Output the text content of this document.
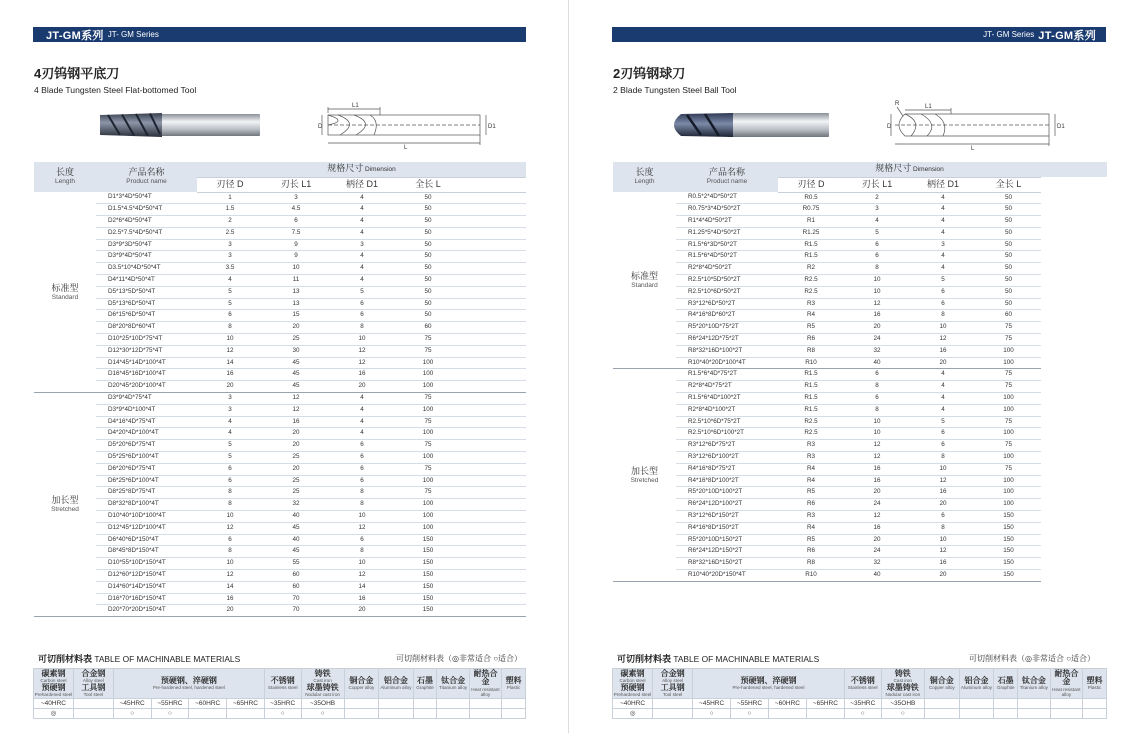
JT-GM系列 JT- GM Series
4刃钨钢平底刀
4 Blade Tungsten Steel Flat-bottomed Tool
L1
D	D1
L
长度
Length	产品名称
Product name	规格尺寸 Dimension				
		刃径 D	刃长 L1	柄径 D1	全长 L	

标准型
Standard	D1*3*4D*50*4T	1	3	4	50	
	D1.5*4.5*4D*50*4T	1.5	4.5	4	50	
	D2*6*4D*50*4T	2	6	4	50	
	D2.5*7.5*4D*50*4T	2.5	7.5	4	50	
	D3*9*3D*50*4T	3	9	3	50	
	D3*9*4D*50*4T	3	9	4	50	
	D3.5*10*4D*50*4T	3.5	10	4	50	
	D4*11*4D*50*4T	4	11	4	50	
	D5*13*5D*50*4T	5	13	5	50	
	D5*13*6D*50*4T	5	13	6	50	
	D6*15*6D*50*4T	6	15	6	50	
	D8*20*8D*60*4T	8	20	8	60	
	D10*25*10D*75*4T	10	25	10	75	
	D12*30*12D*75*4T	12	30	12	75	
	D14*45*14D*100*4T	14	45	12	100	
	D16*45*16D*100*4T	16	45	16	100	
	D20*45*20D*100*4T	20	45	20	100	

加长型
Stretched	D3*9*4D*75*4T	3	12	4	75	
	D3*9*4D*100*4T	3	12	4	100	
	D4*16*4D*75*4T	4	16	4	75	
	D4*20*4D*100*4T	4	20	4	100	
	D5*20*6D*75*4T	5	20	6	75	
	D5*25*6D*100*4T	5	25	6	100	
	D6*20*6D*75*4T	6	20	6	75	
	D6*25*6D*100*4T	6	25	6	100	
	D8*25*8D*75*4T	8	25	8	75	
	D8*32*8D*100*4T	8	32	8	100	
	D10*40*10D*100*4T	10	40	10	100	
	D12*45*12D*100*4T	12	45	12	100	
	D6*40*6D*150*4T	6	40	6	150	
	D8*45*8D*150*4T	8	45	8	150	
	D10*55*10D*150*4T	10	55	10	150	
	D12*60*12D*150*4T	12	60	12	150	
	D14*60*14D*150*4T	14	60	14	150	
	D16*70*16D*150*4T	16	70	16	150	
	D20*70*20D*150*4T	20	70	20	150	
可切削材料表 TABLE OF MACHINABLE MATERIALS	可切削材料表（◎非常适合 ○适合）
碳素钢
Carbon steel
预硬钢
Prehardened steel	合金钢
Alloy steel
工具钢
Tool steel	预硬钢、淬硬钢
Pre-hardened steel, hardened steel				不锈钢
Stainless steel	铸铁
Cast iron
球墨铸铁
Nodular cast iron	铜合金
Copper alloy	铝合金
Aluminum alloy	石墨
Graphite	钛合金
Titanium alloy	耐热合金
Heat resistant alloy	塑料
Plastic

~40HRC		~45HRC	~55HRC	~60HRC	~65HRC	~35HRC	~35OHB						
◎		○	○			○	○						
JT- GM Series JT-GM系列
2刃钨钢球刀
2 Blade Tungsten Steel Ball Tool
R	L1
D	D1
L
长度
Length	产品名称
Product name	规格尺寸 Dimension			
		刃径 D	刃长 L1	柄径 D1	全长 L

标准型
Standard	R0.5*2*4D*50*2T	R0.5	2	4	50
	R0.75*3*4D*50*2T	R0.75	3	4	50
	R1*4*4D*50*2T	R1	4	4	50
	R1.25*5*4D*50*2T	R1.25	5	4	50
	R1.5*6*3D*50*2T	R1.5	6	3	50
	R1.5*6*4D*50*2T	R1.5	6	4	50
	R2*8*4D*50*2T	R2	8	4	50
	R2.5*10*5D*50*2T	R2.5	10	5	50
	R2.5*10*6D*50*2T	R2.5	10	6	50
	R3*12*6D*50*2T	R3	12	6	50
	R4*16*8D*60*2T	R4	16	8	60
	R5*20*10D*75*2T	R5	20	10	75
	R6*24*12D*75*2T	R6	24	12	75
	R8*32*16D*100*2T	R8	32	16	100
	R10*40*20D*100*4T	R10	40	20	100

加长型
Stretched	R1.5*6*4D*75*2T	R1.5	6	4	75
	R2*8*4D*75*2T	R1.5	8	4	75
	R1.5*6*4D*100*2T	R1.5	6	4	100
	R2*8*4D*100*2T	R1.5	8	4	100
	R2.5*10*6D*75*2T	R2.5	10	5	75
	R2.5*10*6D*100*2T	R2.5	10	6	100
	R3*12*6D*75*2T	R3	12	6	75
	R3*12*6D*100*2T	R3	12	8	100
	R4*16*8D*75*2T	R4	16	10	75
	R4*16*8D*100*2T	R4	16	12	100
	R5*20*10D*100*2T	R5	20	16	100
	R6*24*12D*100*2T	R6	24	20	100
	R3*12*6D*150*2T	R3	12	6	150
	R4*16*8D*150*2T	R4	16	8	150
	R5*20*10D*150*2T	R5	20	10	150
	R6*24*12D*150*2T	R6	24	12	150
	R8*32*16D*150*2T	R8	32	16	150
	R10*40*20D*150*4T	R10	40	20	150
可切削材料表 TABLE OF MACHINABLE MATERIALS	可切削材料表（◎非常适合 ○适合）
碳素钢
Carbon steel
预硬钢
Prehardened steel	合金钢
Alloy steel
工具钢
Tool steel	预硬钢、淬硬钢
Pre-hardened steel, hardened steel				不锈钢
Stainless steel	铸铁
Cast iron
球墨铸铁
Nodular cast iron	铜合金
Copper alloy	铝合金
Aluminum alloy	石墨
Graphite	钛合金
Titanium alloy	耐热合金
Heat resistant alloy	塑料
Plastic

~40HRC		~45HRC	~55HRC	~60HRC	~65HRC	~35HRC	~35OHB						
◎		○	○			○	○						
